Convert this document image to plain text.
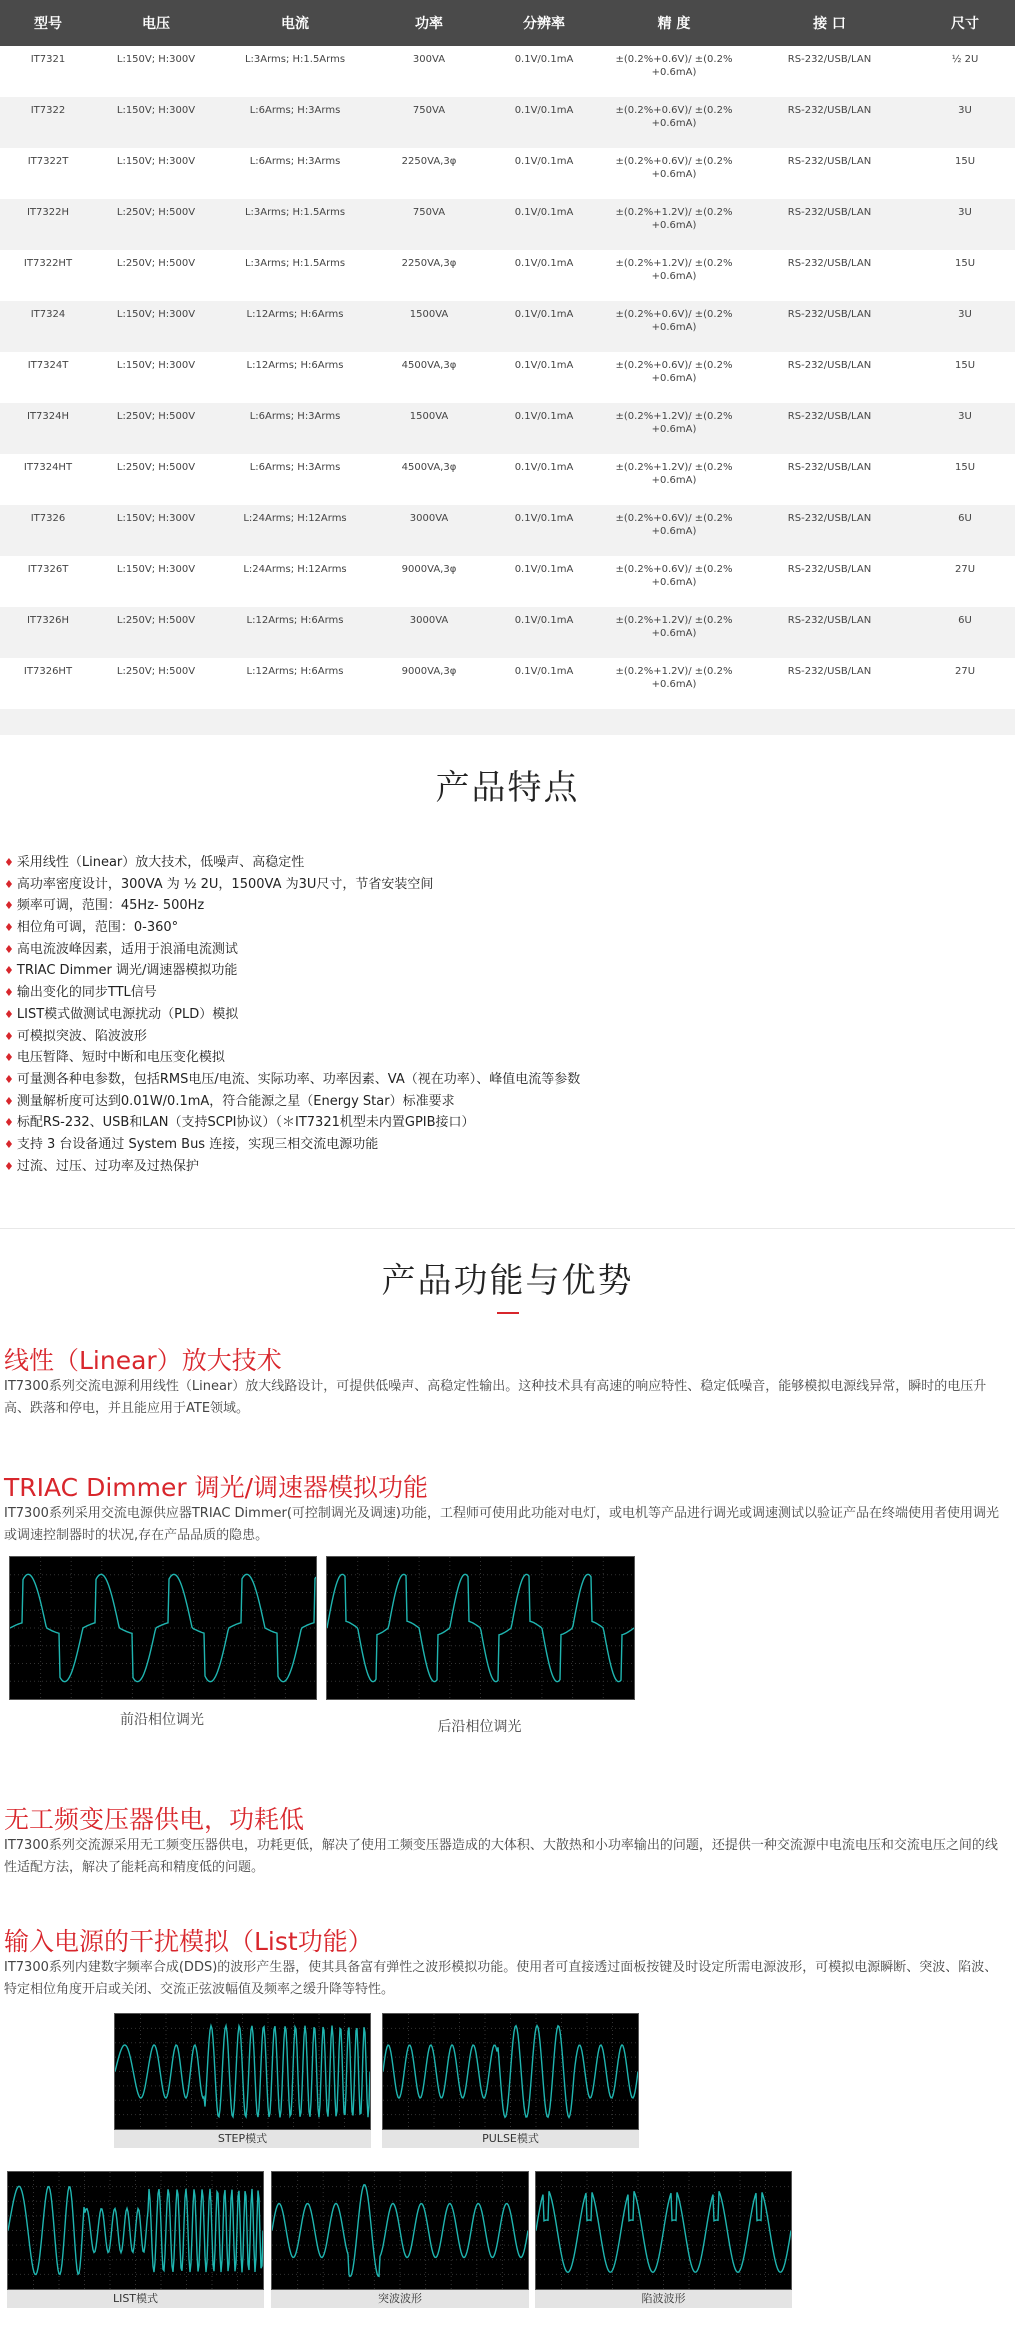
型号	电压	电流	功率	分辨率	精 度	接 口	尺寸
IT7321	L:150V; H:300V	L:3Arms; H:1.5Arms	300VA	0.1V/0.1mA	±(0.2%+0.6V)/ ±(0.2% +0.6mA)	RS-232/USB/LAN	½ 2U
IT7322	L:150V; H:300V	L:6Arms; H:3Arms	750VA	0.1V/0.1mA	±(0.2%+0.6V)/ ±(0.2% +0.6mA)	RS-232/USB/LAN	3U
IT7322T	L:150V; H:300V	L:6Arms; H:3Arms	2250VA,3φ	0.1V/0.1mA	±(0.2%+0.6V)/ ±(0.2% +0.6mA)	RS-232/USB/LAN	15U
IT7322H	L:250V; H:500V	L:3Arms; H:1.5Arms	750VA	0.1V/0.1mA	±(0.2%+1.2V)/ ±(0.2% +0.6mA)	RS-232/USB/LAN	3U
IT7322HT	L:250V; H:500V	L:3Arms; H:1.5Arms	2250VA,3φ	0.1V/0.1mA	±(0.2%+1.2V)/ ±(0.2% +0.6mA)	RS-232/USB/LAN	15U
IT7324	L:150V; H:300V	L:12Arms; H:6Arms	1500VA	0.1V/0.1mA	±(0.2%+0.6V)/ ±(0.2% +0.6mA)	RS-232/USB/LAN	3U
IT7324T	L:150V; H:300V	L:12Arms; H:6Arms	4500VA,3φ	0.1V/0.1mA	±(0.2%+0.6V)/ ±(0.2% +0.6mA)	RS-232/USB/LAN	15U
IT7324H	L:250V; H:500V	L:6Arms; H:3Arms	1500VA	0.1V/0.1mA	±(0.2%+1.2V)/ ±(0.2% +0.6mA)	RS-232/USB/LAN	3U
IT7324HT	L:250V; H:500V	L:6Arms; H:3Arms	4500VA,3φ	0.1V/0.1mA	±(0.2%+1.2V)/ ±(0.2% +0.6mA)	RS-232/USB/LAN	15U
IT7326	L:150V; H:300V	L:24Arms; H:12Arms	3000VA	0.1V/0.1mA	±(0.2%+0.6V)/ ±(0.2% +0.6mA)	RS-232/USB/LAN	6U
IT7326T	L:150V; H:300V	L:24Arms; H:12Arms	9000VA,3φ	0.1V/0.1mA	±(0.2%+0.6V)/ ±(0.2% +0.6mA)	RS-232/USB/LAN	27U
IT7326H	L:250V; H:500V	L:12Arms; H:6Arms	3000VA	0.1V/0.1mA	±(0.2%+1.2V)/ ±(0.2% +0.6mA)	RS-232/USB/LAN	6U
IT7326HT	L:250V; H:500V	L:12Arms; H:6Arms	9000VA,3φ	0.1V/0.1mA	±(0.2%+1.2V)/ ±(0.2% +0.6mA)	RS-232/USB/LAN	27U
产品特点
♦ 采用线性（Linear）放大技术，低噪声、高稳定性
♦ 高功率密度设计，300VA 为 ½ 2U，1500VA 为3U尺寸，节省安装空间
♦ 频率可调，范围：45Hz- 500Hz
♦ 相位角可调，范围：0-360°
♦ 高电流波峰因素，适用于浪涌电流测试
♦ TRIAC Dimmer 调光/调速器模拟功能
♦ 输出变化的同步TTL信号
♦ LIST模式做测试电源扰动（PLD）模拟
♦ 可模拟突波、陷波波形
♦ 电压暂降、短时中断和电压变化模拟
♦ 可量测各种电参数，包括RMS电压/电流、实际功率、功率因素、VA（视在功率）、峰值电流等参数
♦ 测量解析度可达到0.01W/0.1mA，符合能源之星（Energy Star）标准要求
♦ 标配RS-232、USB和LAN（支持SCPI协议）（＊IT7321机型未内置GPIB接口）
♦ 支持 3 台设备通过 System Bus 连接，实现三相交流电源功能
♦ 过流、过压、过功率及过热保护
产品功能与优势
线性（Linear）放大技术

IT7300系列交流电源利用线性（Linear）放大线路设计，可提供低噪声、高稳定性输出。这种技术具有高速的响应特性、稳定低噪音，能够模拟电源线异常，瞬时的电压升高、跌落和停电，并且能应用于ATE领域。

TRIAC Dimmer 调光/调速器模拟功能

IT7300系列采用交流电源供应器TRIAC Dimmer(可控制调光及调速)功能，工程师可使用此功能对电灯，或电机等产品进行调光或调速测试以验证产品在终端使用者使用调光或调速控制器时的状况,存在产品品质的隐患。

前沿相位调光	后沿相位调光
无工频变压器供电，功耗低

IT7300系列交流源采用无工频变压器供电，功耗更低，解决了使用工频变压器造成的大体积、大散热和小功率输出的问题，还提供一种交流源中电流电压和交流电压之间的线性适配方法，解决了能耗高和精度低的问题。

输入电源的干扰模拟（List功能）

IT7300系列内建数字频率合成(DDS)的波形产生器，使其具备富有弹性之波形模拟功能。使用者可直接透过面板按键及时设定所需电源波形，可模拟电源瞬断、突波、陷波、特定相位角度开启或关闭、交流正弦波幅值及频率之缓升降等特性。

STEP模式	PULSE模式
LIST模式	突波波形	陷波波形
